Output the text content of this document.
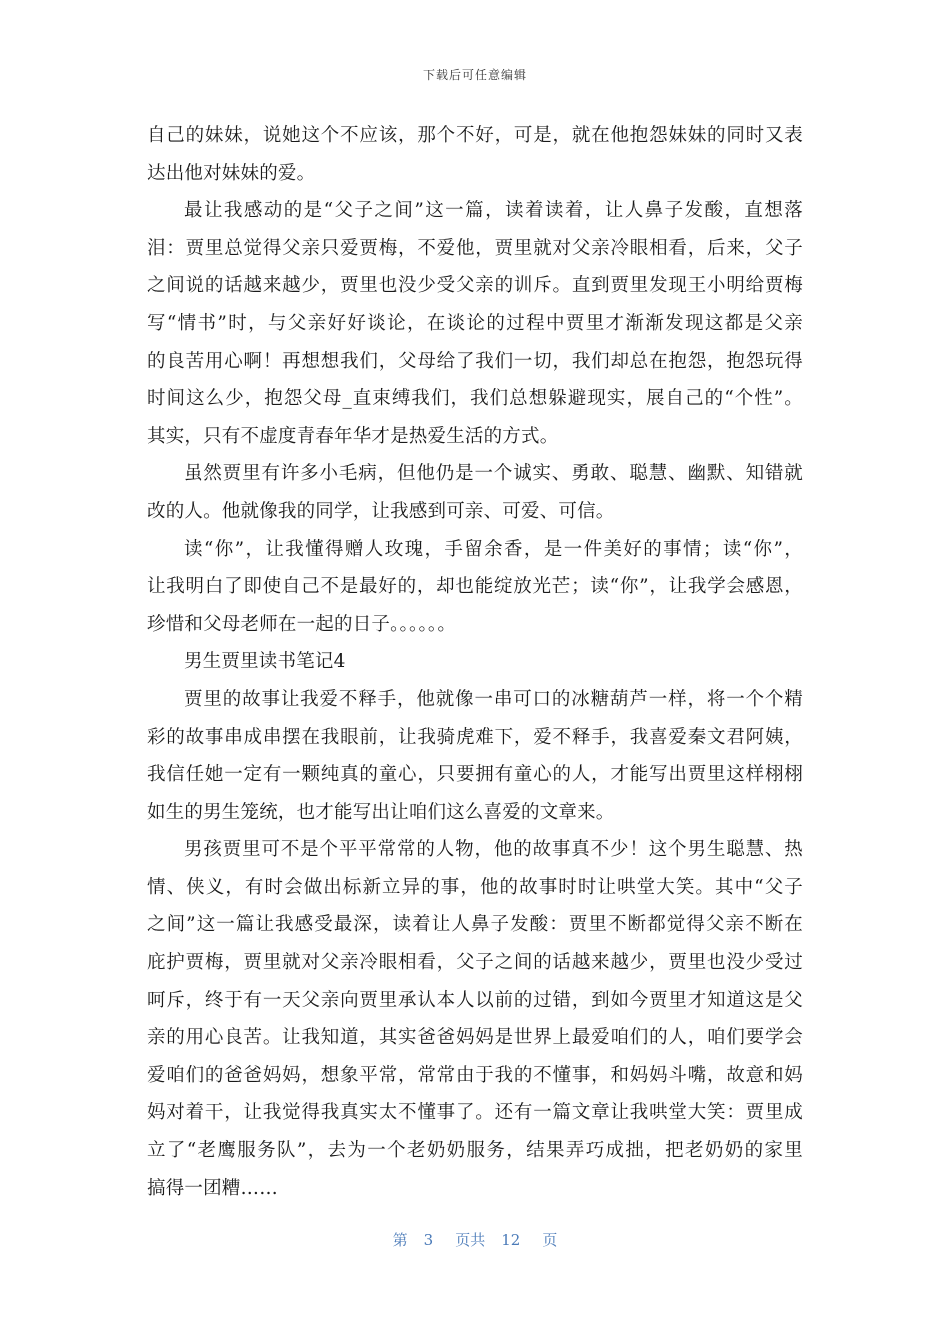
下载后可任意编辑
自己的妹妹，说她这个不应该，那个不好，可是，就在他抱怨妹妹的同时又表
达出他对妹妹的爱。
最让我感动的是“父子之间”这一篇，读着读着，让人鼻子发酸，直想落
泪：贾里总觉得父亲只爱贾梅，不爱他，贾里就对父亲冷眼相看，后来，父子
之间说的话越来越少，贾里也没少受父亲的训斥。直到贾里发现王小明给贾梅
写“情书”时，与父亲好好谈论，在谈论的过程中贾里才渐渐发现这都是父亲
的良苦用心啊！再想想我们，父母给了我们一切，我们却总在抱怨，抱怨玩得
时间这么少，抱怨父母_直束缚我们，我们总想躲避现实，展自己的“个性”。
其实，只有不虚度青春年华才是热爱生活的方式。
虽然贾里有许多小毛病，但他仍是一个诚实、勇敢、聪慧、幽默、知错就
改的人。他就像我的同学，让我感到可亲、可爱、可信。
读“你”，让我懂得赠人玫瑰，手留余香，是一件美好的事情；读“你”，
让我明白了即使自己不是最好的，却也能绽放光芒；读“你”，让我学会感恩，
珍惜和父母老师在一起的日子。。。。。。
男生贾里读书笔记4
贾里的故事让我爱不释手，他就像一串可口的冰糖葫芦一样，将一个个精
彩的故事串成串摆在我眼前，让我骑虎难下，爱不释手，我喜爱秦文君阿姨，
我信任她一定有一颗纯真的童心，只要拥有童心的人，才能写出贾里这样栩栩
如生的男生笼统，也才能写出让咱们这么喜爱的文章来。
男孩贾里可不是个平平常常的人物，他的故事真不少！这个男生聪慧、热
情、侠义，有时会做出标新立异的事，他的故事时时让哄堂大笑。其中“父子
之间”这一篇让我感受最深，读着让人鼻子发酸：贾里不断都觉得父亲不断在
庇护贾梅，贾里就对父亲冷眼相看，父子之间的话越来越少，贾里也没少受过
呵斥，终于有一天父亲向贾里承认本人以前的过错，到如今贾里才知道这是父
亲的用心良苦。让我知道，其实爸爸妈妈是世界上最爱咱们的人，咱们要学会
爱咱们的爸爸妈妈，想象平常，常常由于我的不懂事，和妈妈斗嘴，故意和妈
妈对着干，让我觉得我真实太不懂事了。还有一篇文章让我哄堂大笑：贾里成
立了“老鹰服务队”，去为一个老奶奶服务，结果弄巧成拙，把老奶奶的家里
搞得一团糟……
第 3 页共 12 页
